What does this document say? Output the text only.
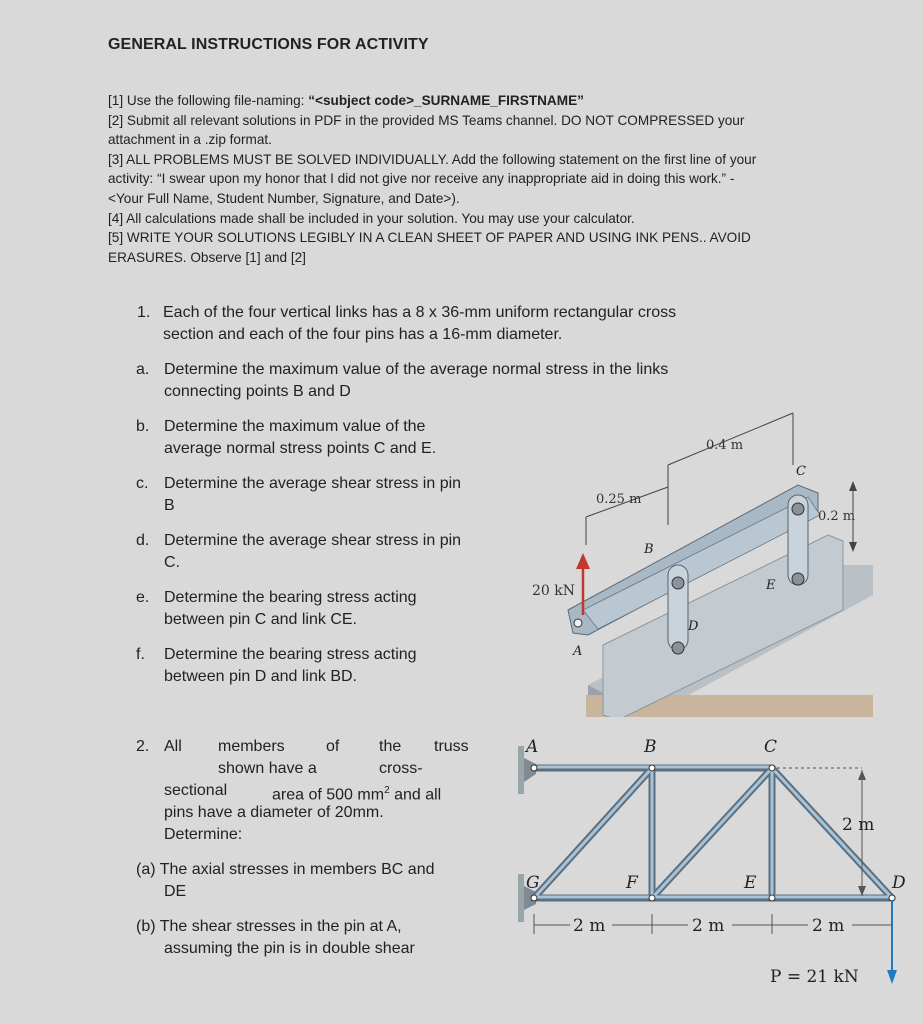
GENERAL INSTRUCTIONS FOR ACTIVITY

[1] Use the following file-naming: “<subject code>_SURNAME_FIRSTNAME”

[2] Submit all relevant solutions in PDF in the provided MS Teams channel. DO NOT COMPRESSED your
attachment in a .zip format.

[3] ALL PROBLEMS MUST BE SOLVED INDIVIDUALLY. Add the following statement on the first line of your
activity: “I swear upon my honor that I did not give nor receive any inappropriate aid in doing this work.” -
<Your Full Name, Student Number, Signature, and Date>).

[4] All calculations made shall be included in your solution. You may use your calculator.

[5] WRITE YOUR SOLUTIONS LEGIBLY IN A CLEAN SHEET OF PAPER AND USING INK PENS.. AVOID
ERASURES. Observe [1] and [2]

1. Each of the four vertical links has a 8 x 36-mm uniform rectangular cross
section and each of the four pins has a 16-mm diameter.
a. Determine the maximum value of the average normal stress in the links
connecting points B and D
b. Determine the maximum value of the
average normal stress points C and E.
c. Determine the average shear stress in pin
B
d. Determine the average shear stress in pin
C.
e. Determine the bearing stress acting
between pin C and link CE.
f. Determine the bearing stress acting
between pin D and link BD.
0.4 m
0.25 m
0.2 m
20 kN
A
B
C
D
E
2. All members	of the truss
shown have a	cross-
sectional	area of 500 $mm^2$ and all
pins have a diameter of 20mm.
Determine:
(a) The axial stresses in members BC and
DE
(b) The shear stresses in the pin at A,
assuming the pin is in double shear
2 m
2 m	2 m	2 m
P = 21 kN
A	B	C
G	F	E	D
